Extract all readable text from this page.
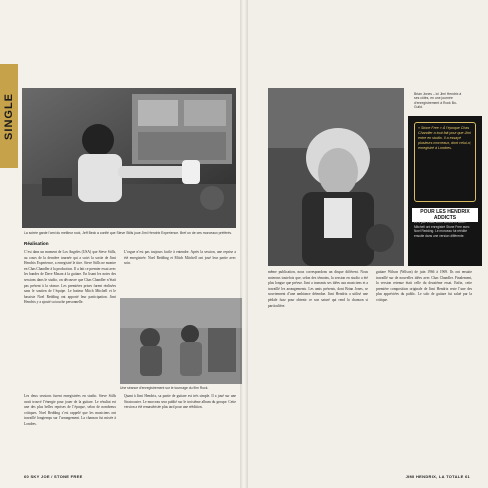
SINGLE
La soirée garde l’ami du meilleur rock, Jeff Beck a confié que Steve Stills joue Jimi Hendrix Experience. Bref un de ces morceaux préférés.
Réalisation
C’est dans un moment de Los Angeles (USA) que Steve Stills, au cours de la dernière tournée qui a suivi la sortie de Jimi Hendrix Experience, a enregistré le titre. Steve Stills ne montre en Chas Chandler à la production. Il a fait ce premier essai avec les bandes de Dave Mason à la guitare. En lisant les notes des sessions dans le studio, on découvre que Chas Chandler n’était pas présent à la séance. Les premières prises furent réalisées sans le soutien de l’équipe. Le batteur Mitch Mitchell et le bassiste Noel Redding ont apporté leur participation. Jimi Hendrix y a ajouté sa touche personnelle.
L’orgue n’est pas toujours facile à entendre. Après la session, une reprise a été enregistrée. Noel Redding et Mitch Mitchell ont joué leur partie avec soin.
Une séance d’enregistrement sur le tournage du film Rock.
Les deux sessions furent enregistrées en studio. Steve Stills avait trouvé l’énergie pour jouer de la guitare. Le résultat est une des plus belles reprises de l’époque, selon de nombreux critiques. Noel Redding s’est rappelé que les musiciens ont travaillé longtemps sur l’arrangement. La chanson fut mixée à Londres.
Quant à Jimi Hendrix, sa partie de guitare est très simple. Il a joué sur une Stratocaster. Le morceau sera publié sur le troisième album du groupe. Cette version a été remastérisée plus tard pour une réédition.
60 SKY JOE / STONE FREE
Brian Jones – ici Jimi Hendrix à ses côtés, en une journée d’enregistrement à Rock Bo-Guild.
« Stone Free » À l’époque Chas Chandler a tout fait pour que Jimi entre en studio. Il a essayé plusieurs morceaux, dont celui-ci, enregistré à Londres.
POUR LES HENDRIX ADDICTS
Le 3 juin 1968, Jimi Hendrix et Mitch Mitchell ont enregistré Stone Free avec Noel Redding. Le morceau fut réédité ensuite dans une version différente.
même publication, nous correspondons un disque différent. Nous noterons toutefois que, selon des témoins, la session en studio a été plus longue que prévue. Jimi a transmis ses idées aux musiciens et a travaillé les arrangements. Les amis présents, dont Brian Jones, se souviennent d’une ambiance détendue. Jimi Hendrix a utilisé une pédale fuzz pour obtenir ce son saturé qui rend la chanson si particulière.
guitare Wilson (Wilson) de juin 1966 à 1969. Ils ont ensuite travaillé sur de nouvelles idées avec Chas Chandler. Finalement, la version retenue était celle du deuxième essai. Enfin, cette première composition originale de Jimi Hendrix reste l’une des plus appréciées du public. Le solo de guitare fut salué par la critique.
JIMI HENDRIX, LA TOTALE 61
